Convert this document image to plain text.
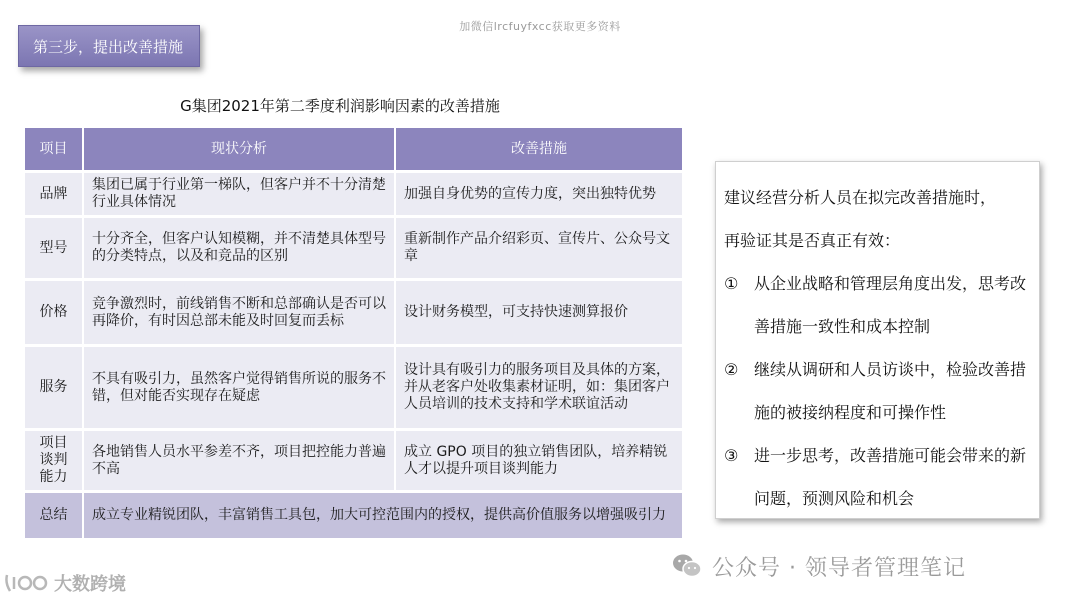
加微信lrcfuyfxcc获取更多资料
第三步，提出改善措施
G集团2021年第二季度利润影响因素的改善措施
项目	现状分析	改善措施
品牌	集团已属于行业第一梯队，但客户并不十分清楚行业具体情况	加强自身优势的宣传力度，突出独特优势
型号	十分齐全，但客户认知模糊，并不清楚具体型号的分类特点，以及和竞品的区别	重新制作产品介绍彩页、宣传片、公众号文章
价格	竞争激烈时，前线销售不断和总部确认是否可以再降价，有时因总部未能及时回复而丢标	设计财务模型，可支持快速测算报价
服务	不具有吸引力，虽然客户觉得销售所说的服务不错，但对能否实现存在疑虑	设计具有吸引力的服务项目及具体的方案，并从老客户处收集素材证明，如：集团客户人员培训的技术支持和学术联谊活动
项目谈判能力	各地销售人员水平参差不齐，项目把控能力普遍不高	成立 GPO 项目的独立销售团队，培养精锐人才以提升项目谈判能力
总结	成立专业精锐团队，丰富销售工具包，加大可控范围内的授权，提供高价值服务以增强吸引力	

建议经营分析人员在拟完改善措施时，

再验证其是否真正有效：

① 从企业战略和管理层角度出发，思考改善措施一致性和成本控制

② 继续从调研和人员访谈中，检验改善措施的被接纳程度和可操作性

③ 进一步思考，改善措施可能会带来的新问题，预测风险和机会

公众号 · 领导者管理笔记
大数跨境
